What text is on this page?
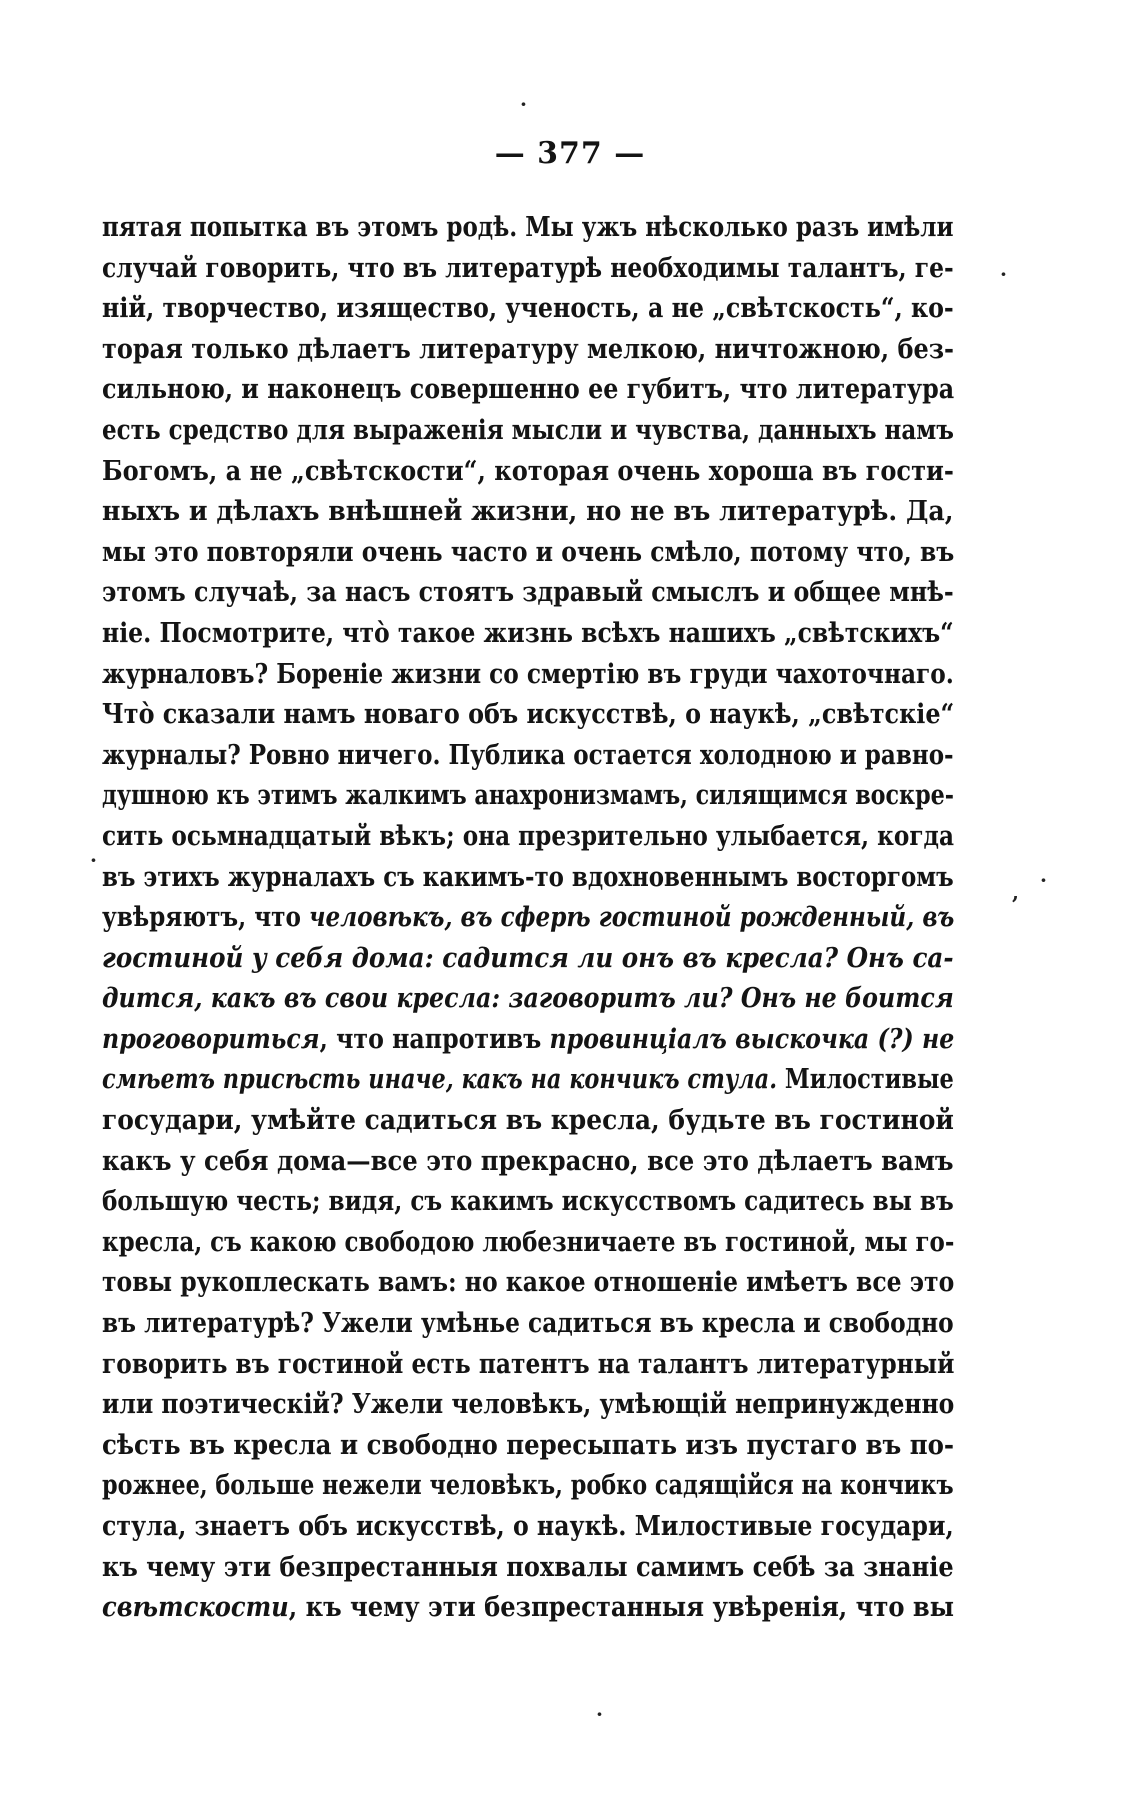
— 377 —
пятая попытка въ этомъ родѣ. Мы ужъ нѣсколько разъ имѣли
случай говорить, что въ литературѣ необходимы талантъ, ге-
нiй, творчество, изящество, ученость, а не „свѣтскость“, ко-
торая только дѣлаетъ литературу мелкою, ничтожною, без-
сильною, и наконецъ совершенно ее губитъ, что литература
есть средство для выраженiя мысли и чувства, данныхъ намъ
Богомъ, а не „свѣтскости“, которая очень хороша въ гости-
ныхъ и дѣлахъ внѣшней жизни, но не въ литературѣ. Да,
мы это повторяли очень часто и очень смѣло, потому что, въ
этомъ случаѣ, за насъ стоятъ здравый смыслъ и общее мнѣ-
нiе. Посмотрите, чтò такое жизнь всѣхъ нашихъ „свѣтскихъ“
журналовъ? Боренiе жизни со смертiю въ груди чахоточнаго.
Чтò сказали намъ новаго объ искусствѣ, о наукѣ, „свѣтскiе“
журналы? Ровно ничего. Публика остается холодною и равно-
душною къ этимъ жалкимъ анахронизмамъ, силящимся воскре-
сить осьмнадцатый вѣкъ; она презрительно улыбается, когда
въ этихъ журналахъ съ какимъ-то вдохновеннымъ восторгомъ
увѣряютъ, что человѣкъ, въ сферѣ гостиной рожденный, въ
гостиной у себя дома: садится ли онъ въ кресла? Онъ са-
дится, какъ въ свои кресла: заговоритъ ли? Онъ не боится
проговориться, что напротивъ провинцiалъ выскочка (?) не
смѣетъ присѣсть иначе, какъ на кончикъ стула. Милостивые
государи, умѣйте садиться въ кресла, будьте въ гостиной
какъ у себя дома—все это прекрасно, все это дѣлаетъ вамъ
большую честь; видя, съ какимъ искусствомъ садитесь вы въ
кресла, съ какою свободою любезничаете въ гостиной, мы го-
товы рукоплескать вамъ: но какое отношенiе имѣетъ все это
въ литературѣ? Ужели умѣнье садиться въ кресла и свободно
говорить въ гостиной есть патентъ на талантъ литературный
или поэтическiй? Ужели человѣкъ, умѣющiй непринужденно
сѣсть въ кресла и свободно пересыпать изъ пустаго въ по-
рожнее, больше нежели человѣкъ, робко садящiйся на кончикъ
стула, знаетъ объ искусствѣ, о наукѣ. Милостивые государи,
къ чему эти безпрестанныя похвалы самимъ себѣ за знанiе
свѣтскости, къ чему эти безпрестанныя увѣренiя, что вы
·
·
·
, ·
·
